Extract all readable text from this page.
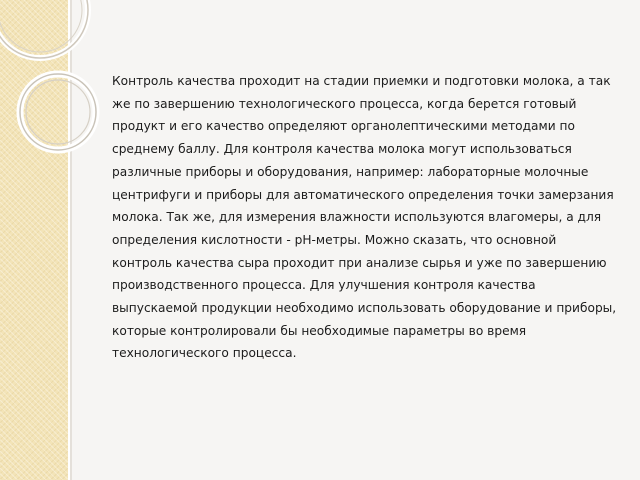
Контроль качества проходит на стадии приемки и подготовки молока, а так же по завершению технологического процесса, когда берется готовый продукт и его качество определяют органолептическими методами по среднему баллу. Для контроля качества молока могут использоваться различные приборы и оборудования, например: лабораторные молочные центрифуги и приборы для автоматического определения точки замерзания молока. Так же, для измерения влажности используются влагомеры, а для определения кислотности - pH-метры. Можно сказать, что основной контроль качества сыра проходит при анализе сырья и уже по завершению производственного процесса. Для улучшения контроля качества выпускаемой продукции необходимо использовать оборудование и приборы, которые контролировали бы необходимые параметры во время технологического процесса.
